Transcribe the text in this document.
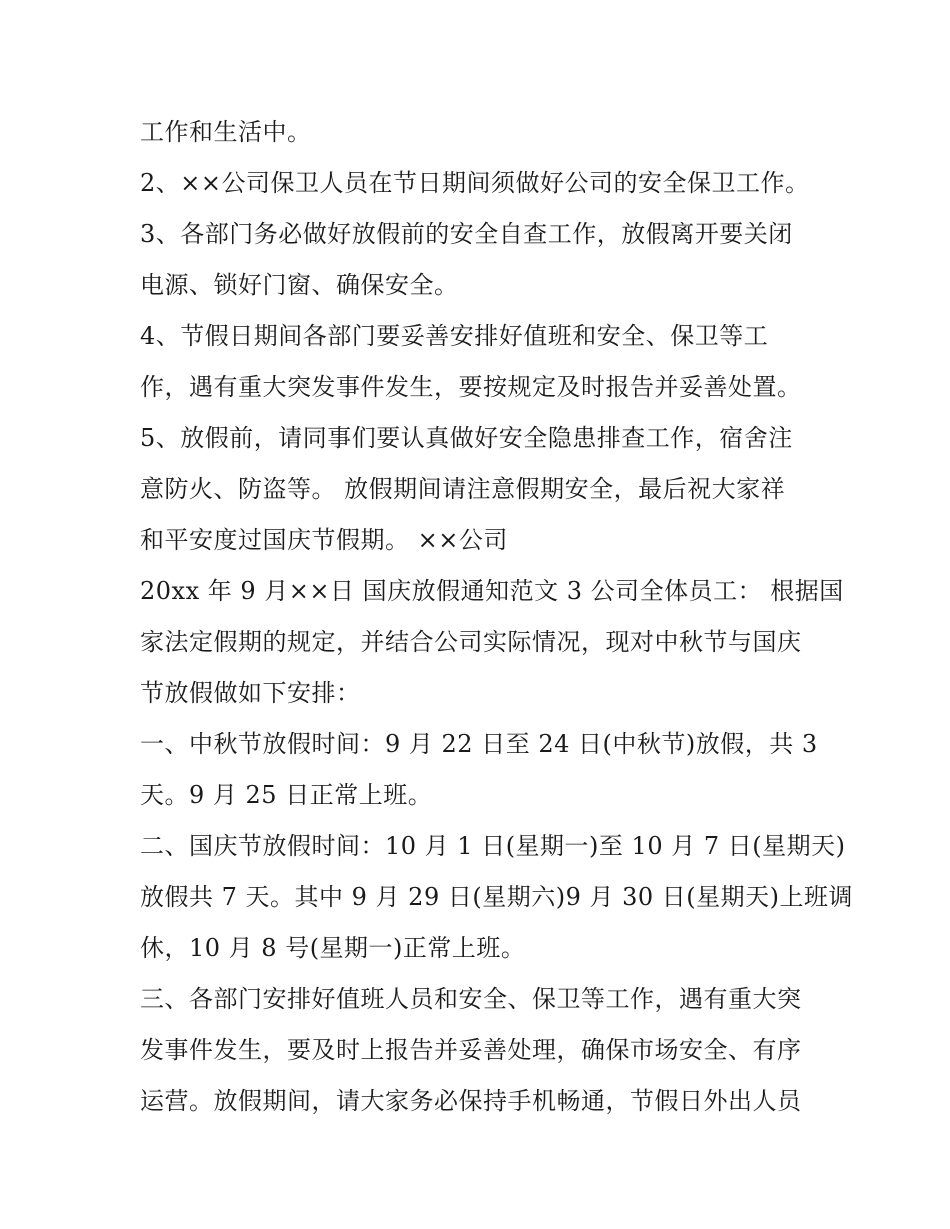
工作和生活中。
2、××公司保卫人员在节日期间须做好公司的安全保卫工作。
3、各部门务必做好放假前的安全自查工作，放假离开要关闭
电源、锁好门窗、确保安全。
4、节假日期间各部门要妥善安排好值班和安全、保卫等工
作，遇有重大突发事件发生，要按规定及时报告并妥善处置。
5、放假前，请同事们要认真做好安全隐患排查工作，宿舍注
意防火、防盗等。 放假期间请注意假期安全，最后祝大家祥
和平安度过国庆节假期。 ××公司
20xx 年 9 月××日 国庆放假通知范文 3 公司全体员工： 根据国
家法定假期的规定，并结合公司实际情况，现对中秋节与国庆
节放假做如下安排：
一、中秋节放假时间：9 月 22 日至 24 日(中秋节)放假，共 3
天。9 月 25 日正常上班。
二、国庆节放假时间：10 月 1 日(星期一)至 10 月 7 日(星期天)
放假共 7 天。其中 9 月 29 日(星期六)9 月 30 日(星期天)上班调
休，10 月 8 号(星期一)正常上班。
三、各部门安排好值班人员和安全、保卫等工作，遇有重大突
发事件发生，要及时上报告并妥善处理，确保市场安全、有序
运营。放假期间，请大家务必保持手机畅通，节假日外出人员
